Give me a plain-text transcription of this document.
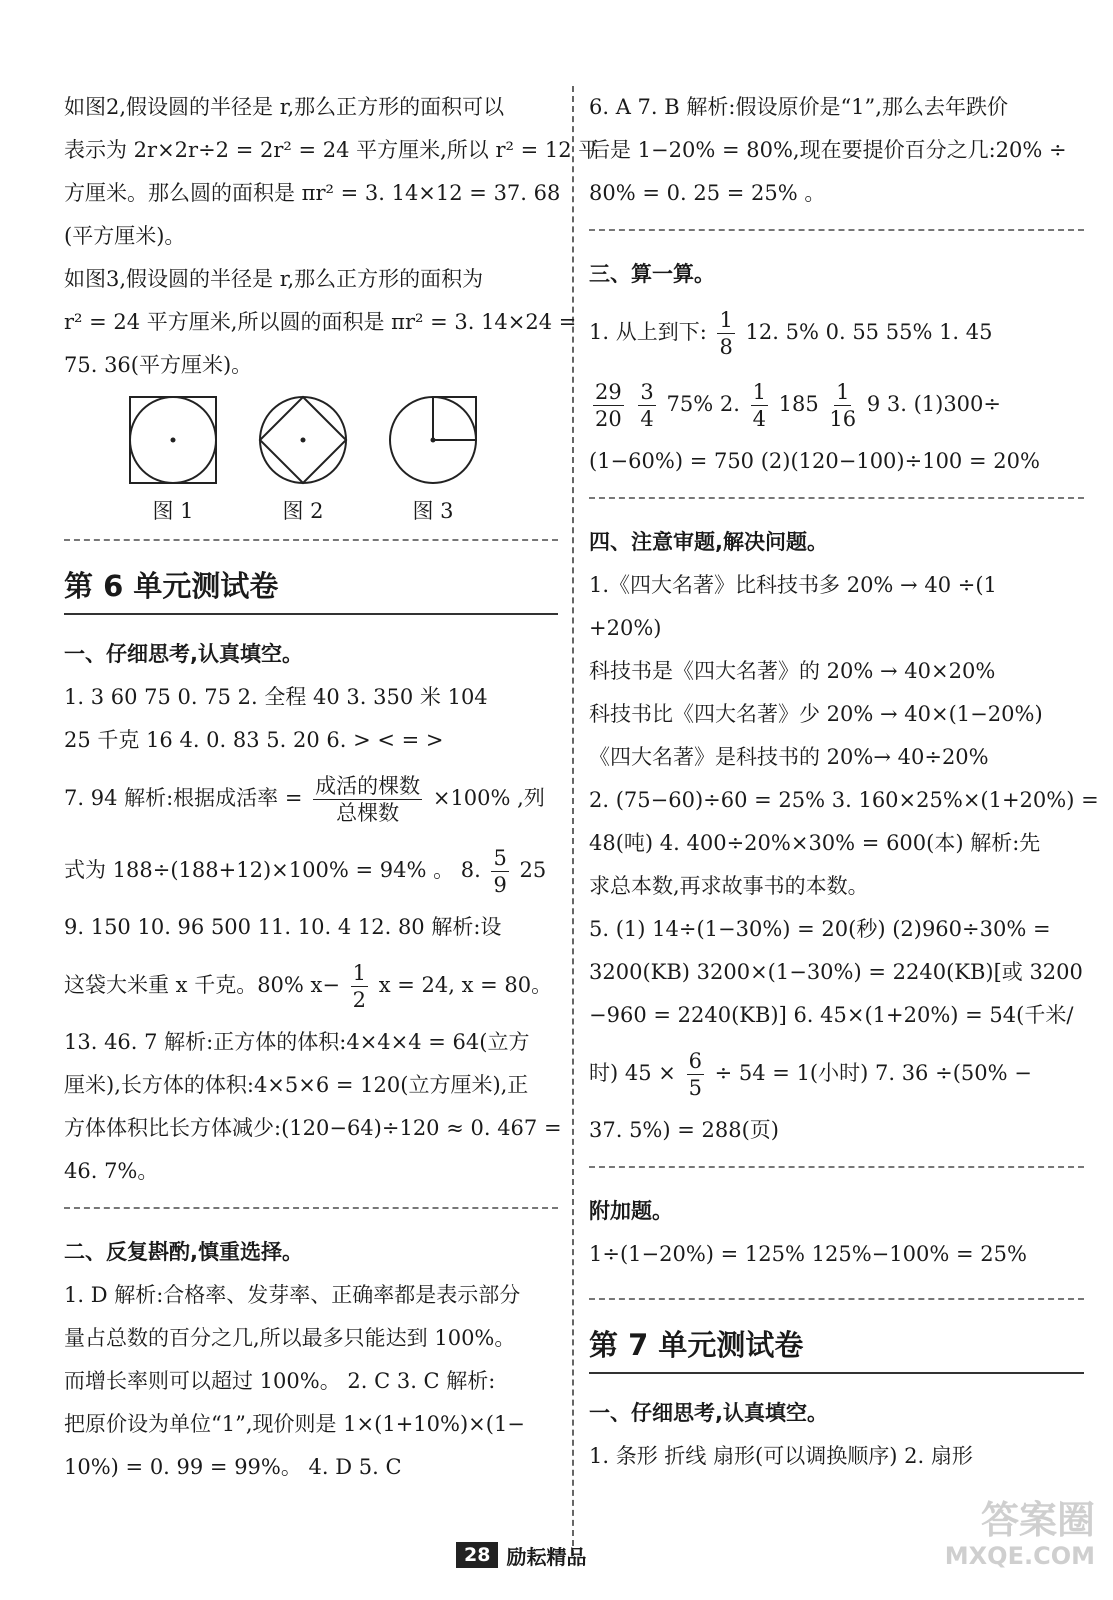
如图2,假设圆的半径是 r,那么正方形的面积可以

表示为 2r×2r÷2 = 2r² = 24 平方厘米,所以 r² = 12 平

方厘米。那么圆的面积是 πr² = 3. 14×12 = 37. 68

(平方厘米)。

如图3,假设圆的半径是 r,那么正方形的面积为

r² = 24 平方厘米,所以圆的面积是 πr² = 3. 14×24 =

75. 36(平方厘米)。

图 1	图 2	图 3
第 6 单元测试卷

一、仔细思考,认真填空。

1. 3 60 75 0. 75 2. 全程 40 3. 350 米 104

25 千克 16 4. 0. 83 5. 20 6. > < = >

7. 94 解析:根据成活率 = $\frac{\text{成活的棵数}}{\text{总棵数}} \times 100\%$ ,列

式为 188÷(188+12)×100% = 94% 。 8. $\frac{5}{9} 25$

9. 150 10. 96 500 11. 10. 4 12. 80 解析:设

这袋大米重 x 千克。80% $x- \frac{1}{2}$ x = 24, x = 80。

13. 46. 7 解析:正方体的体积:4×4×4 = 64(立方

厘米),长方体的体积:4×5×6 = 120(立方厘米),正

方体体积比长方体减少:(120−64)÷120 ≈ 0. 467 =

46. 7%。

二、反复斟酌,慎重选择。

1. D 解析:合格率、发芽率、正确率都是表示部分

量占总数的百分之几,所以最多只能达到 100%。

而增长率则可以超过 100%。 2. C 3. C 解析:

把原价设为单位“1”,现价则是 1×(1+10%)×(1−

10%) = 0. 99 = 99%。 4. D 5. C

6. A 7. B 解析:假设原价是“1”,那么去年跌价

后是 1−20% = 80%,现在要提价百分之几:20% ÷

80% = 0. 25 = 25% 。

三、算一算。

1. 从上到下: $\frac{1}{8} 12$. 5% 0. 55 55% 1. 45

$\frac{29}{20}$
$\frac{3}{4} 75\%$ 2. $\frac{1}{4} 185 \frac{1}{16} 9$ 3. (1)300÷

(1−60%) = 750 (2)(120−100)÷100 = 20%

四、注意审题,解决问题。

1.《四大名著》比科技书多 20% → 40 ÷(1

+20%)

科技书是《四大名著》的 20% → 40×20%

科技书比《四大名著》少 20% → 40×(1−20%)

《四大名著》是科技书的 20%→ 40÷20%

2. (75−60)÷60 = 25% 3. 160×25%×(1+20%) =

48(吨) 4. 400÷20%×30% = 600(本) 解析:先

求总本数,再求故事书的本数。

5. (1) 14÷(1−30%) = 20(秒) (2)960÷30% =

3200(KB) 3200×(1−30%) = 2240(KB)[或 3200

−960 = 2240(KB)] 6. 45×(1+20%) = 54(千米/

时) $45 \times \frac{6}{5} \div 54 = 1$(小时) 7. 36 ÷(50% −

37. 5%) = 288(页)

附加题。

1÷(1−20%) = 125% 125%−100% = 25%

第 7 单元测试卷

一、仔细思考,认真填空。

1. 条形 折线 扇形(可以调换顺序) 2. 扇形

28 励耘精品
答案圈
MXQE.COM
